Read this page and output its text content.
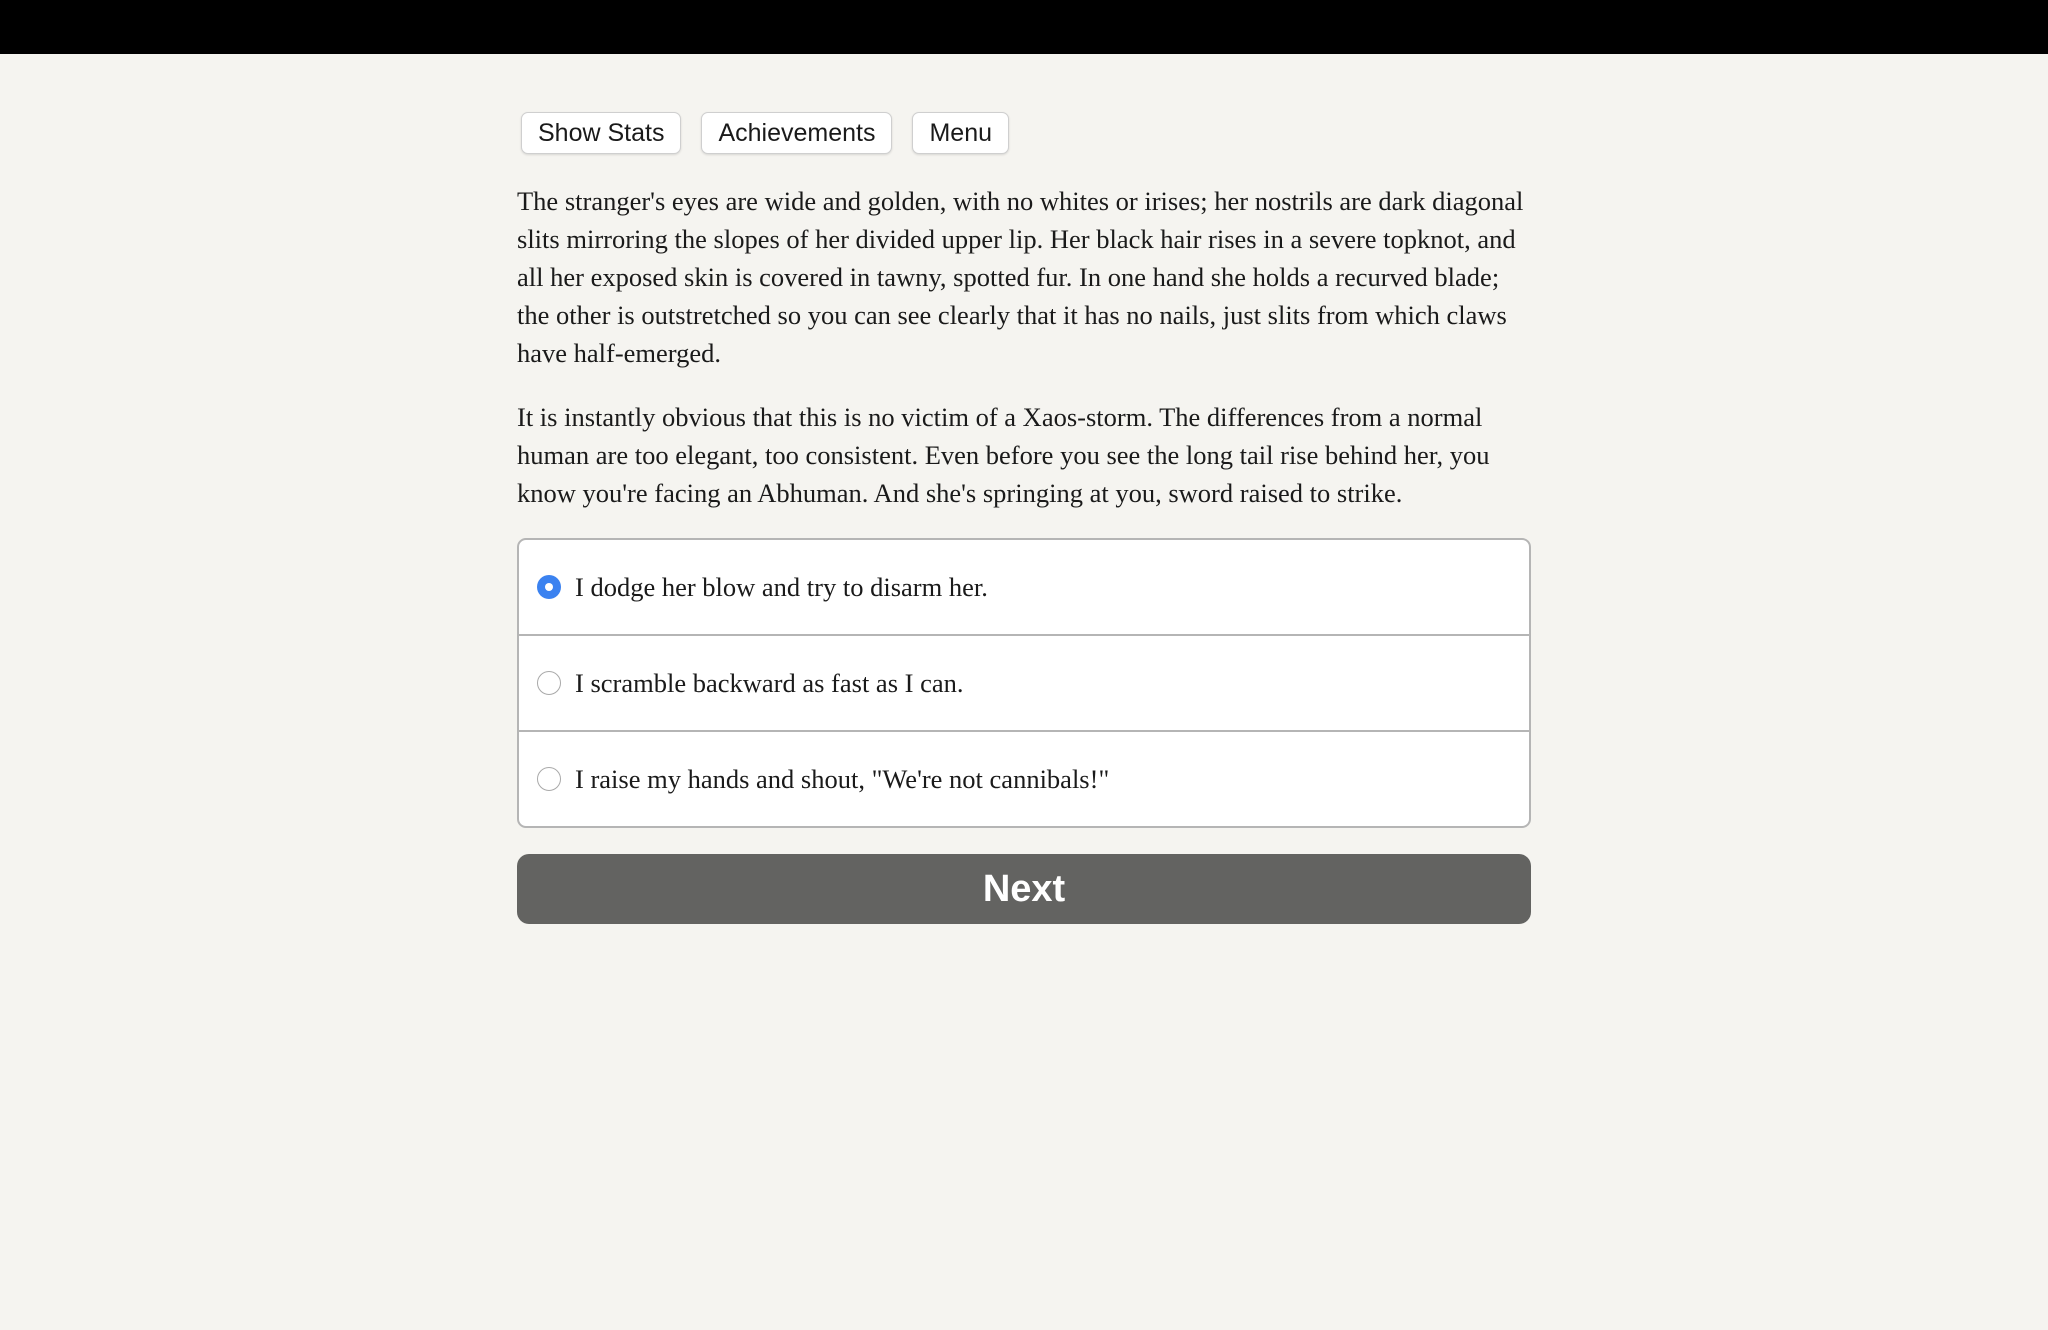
Show Stats	Achievements	Menu

The stranger's eyes are wide and golden, with no whites or irises; her nostrils are dark diagonal slits mirroring the slopes of her divided upper lip. Her black hair rises in a severe topknot, and all her exposed skin is covered in tawny, spotted fur. In one hand she holds a recurved blade; the other is outstretched so you can see clearly that it has no nails, just slits from which claws have half-emerged.

It is instantly obvious that this is no victim of a Xaos-storm. The differences from a normal human are too elegant, too consistent. Even before you see the long tail rise behind her, you know you're facing an Abhuman. And she's springing at you, sword raised to strike.

I dodge her blow and try to disarm her.
I scramble backward as fast as I can.
I raise my hands and shout, "We're not cannibals!"
Next
